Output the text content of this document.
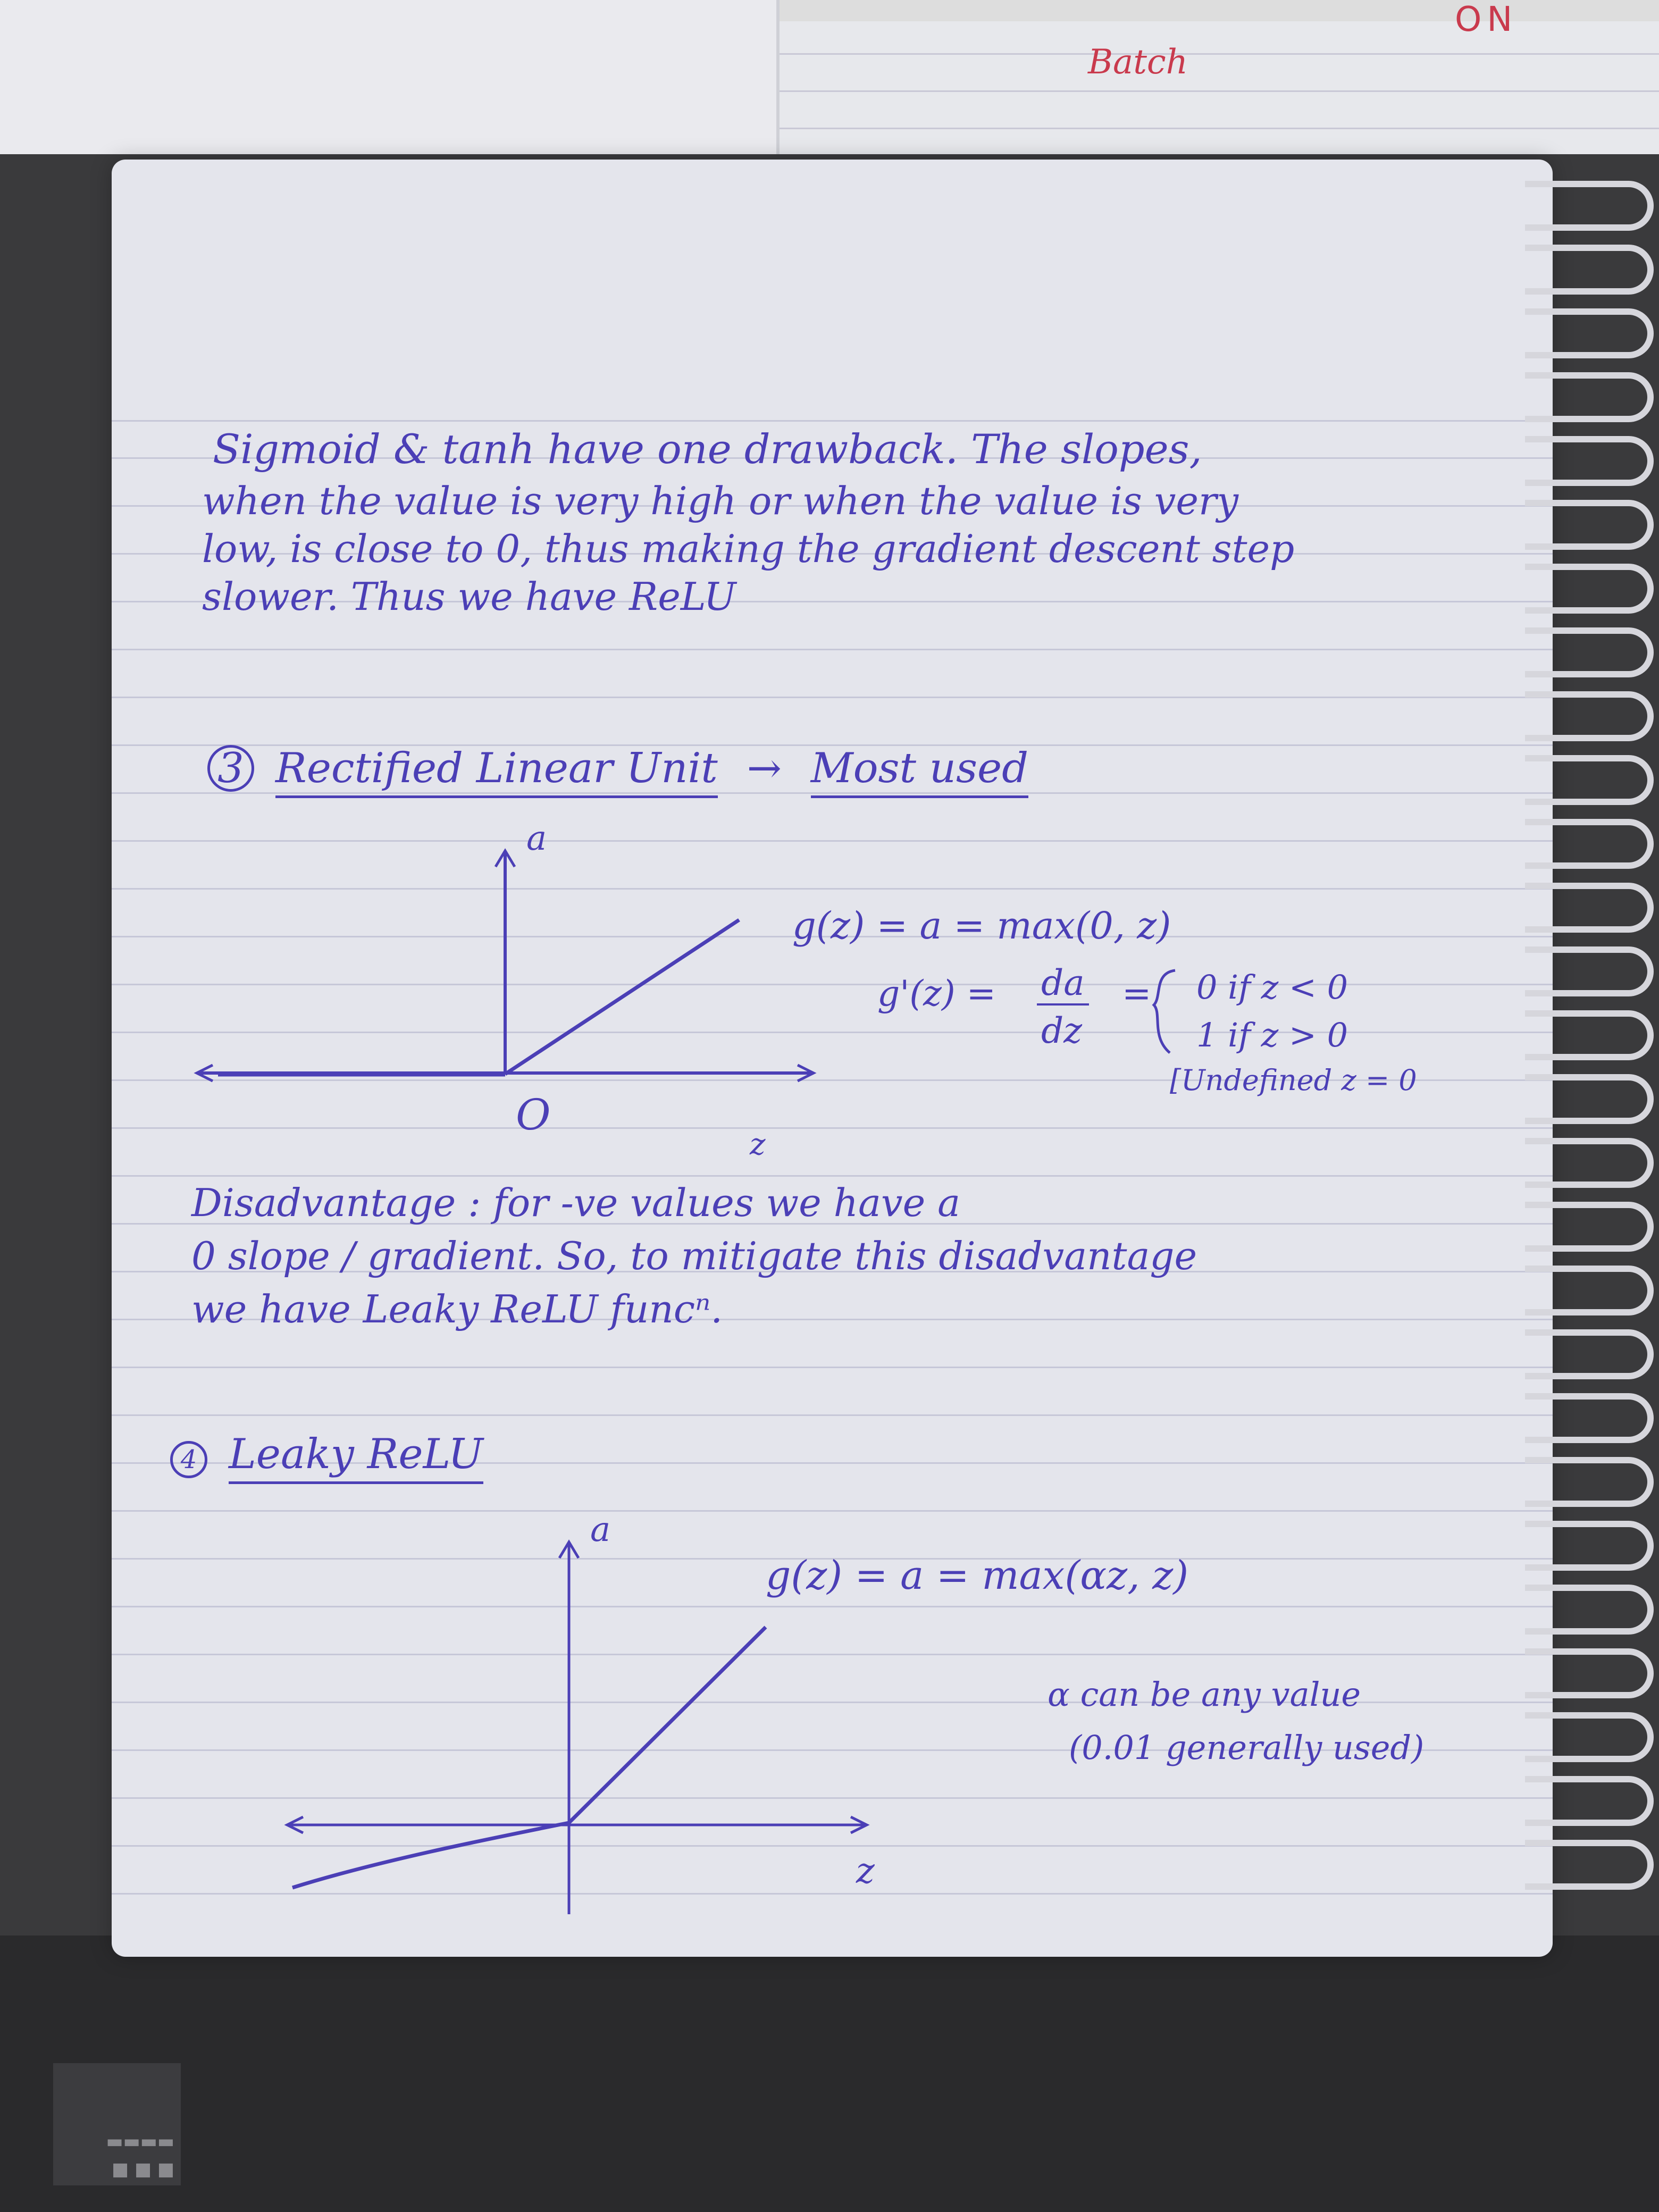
Batch
ON
■ ■ ■
▬▬▬▬
Sigmoid & tanh have one drawback. The slopes,
when the value is very high or when the value is very
low, is close to 0, thus making the gradient descent step
slower. Thus we have ReLU
3 Rectified Linear Unit → Most used
a
O
z
g(z) = a = max(0, z)
g'(z) = da
dz
= 0 if z < 0
1 if z > 0
[Undefined z = 0
Disadvantage : for -ve values we have a
0 slope / gradient. So, to mitigate this disadvantage
we have Leaky ReLU funcⁿ.
4 Leaky ReLU
a
z
g(z) = a = max(αz, z)
α can be any value
(0.01 generally used)
